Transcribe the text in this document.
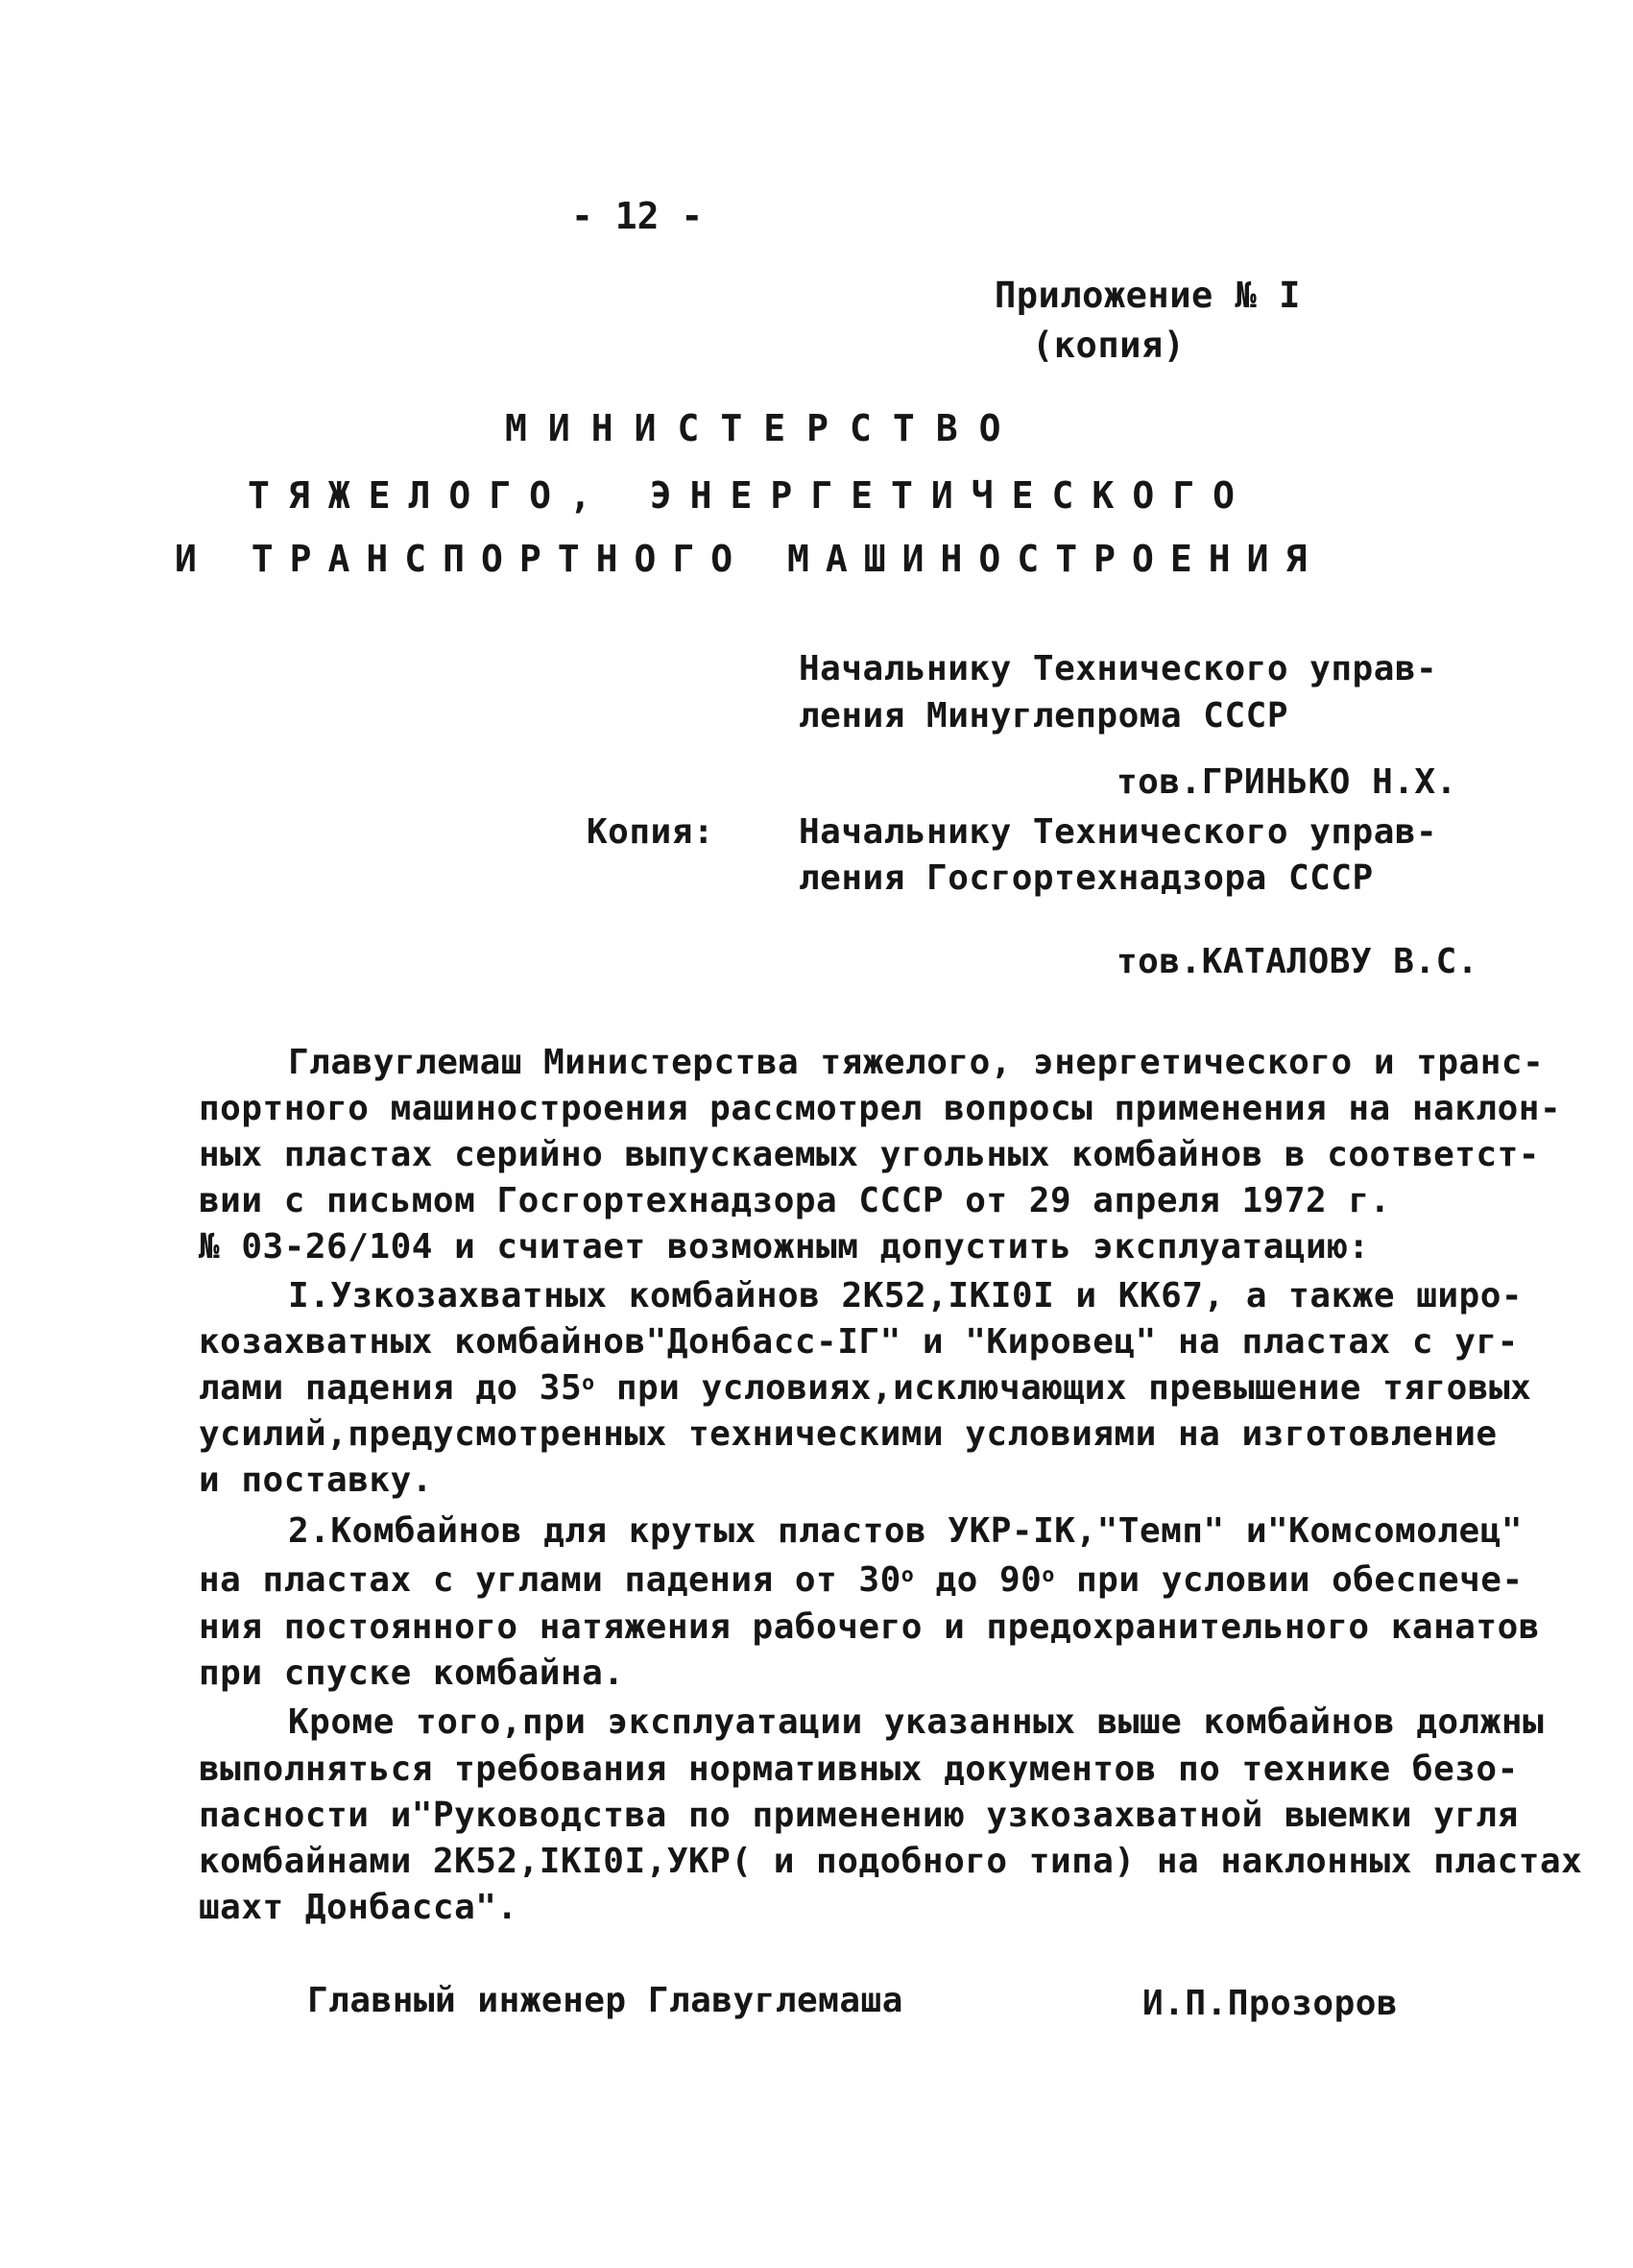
- 12 -
Приложение № I
(копия)
МИНИСТЕРСТВО
ТЯЖЕЛОГО, ЭНЕРГЕТИЧЕСКОГО
И ТРАНСПОРТНОГО МАШИНОСТРОЕНИЯ
Начальнику Технического управ-
ления Минуглепрома СССР
тов.ГРИНЬКО Н.Х.
Копия: Начальнику Технического управ-
ления Госгортехнадзора СССР
тов.КАТАЛОВУ В.С.
Главуглемаш Министерства тяжелого, энергетического и транс-
портного машиностроения рассмотрел вопросы применения на наклон-
ных пластах серийно выпускаемых угольных комбайнов в соответст-
вии с письмом Госгортехнадзора СССР от 29 апреля 1972 г.
№ 03-26/104 и считает возможным допустить эксплуатацию:
I.Узкозахватных комбайнов 2К52,IKI0I и КК67, а также широ-
козахватных комбайнов"Донбасс-IГ" и "Кировец" на пластах с уг-
лами падения до 35$^o$ при условиях,исключающих превышение тяговых
усилий,предусмотренных техническими условиями на изготовление
и поставку.
2.Комбайнов для крутых пластов УКР-IК,"Темп" и"Комсомолец"
на пластах с углами падения от 30$^o$ до 90$^o$ при условии обеспече-
ния постоянного натяжения рабочего и предохранительного канатов
при спуске комбайна.
Кроме того,при эксплуатации указанных выше комбайнов должны
выполняться требования нормативных документов по технике безо-
пасности и"Руководства по применению узкозахватной выемки угля
комбайнами 2К52,IKI0I,УКР( и подобного типа) на наклонных пластах
шахт Донбасса".
Главный инженер Главуглемаша	И.П.Прозоров
